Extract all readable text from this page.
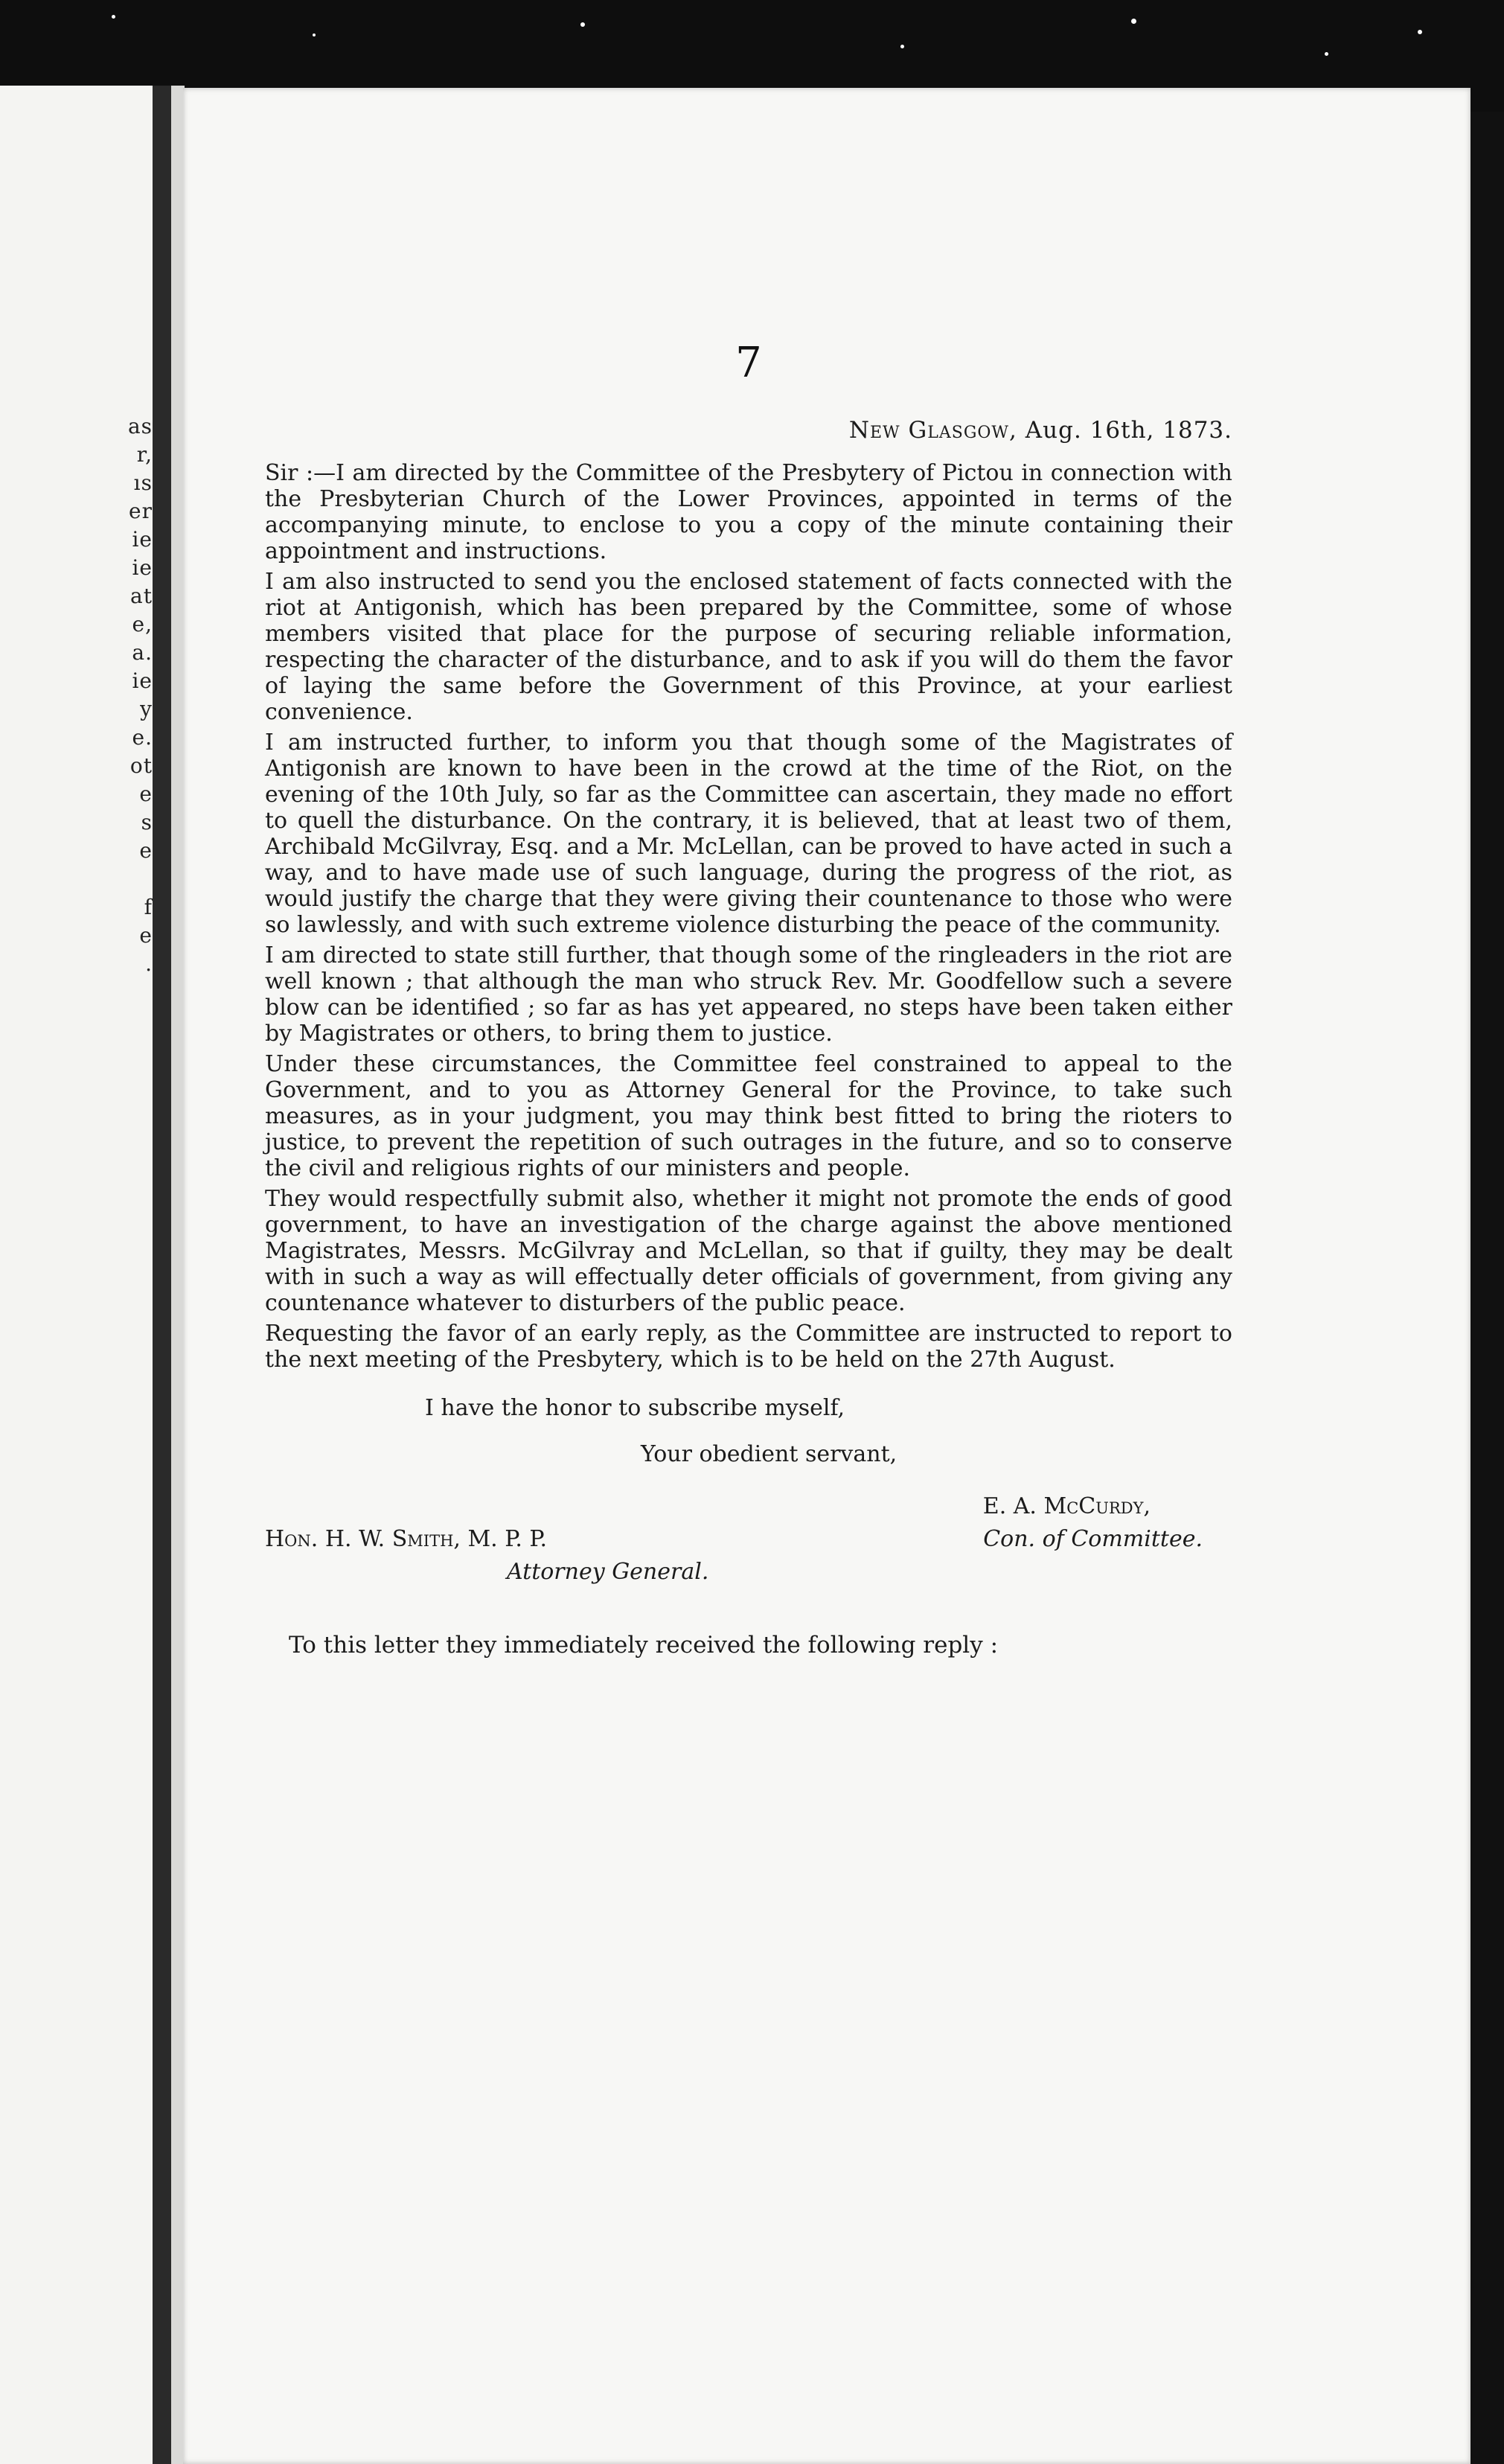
as
r,
ıs
er
ie
ie
at
e,
a.
ie
y
e.
ot
e
s
e
f
e
.
7
New Glasgow, Aug. 16th, 1873.

Sir :—I am directed by the Committee of the Presbytery of Pictou in connection with the Presbyterian Church of the Lower Provinces, appointed in terms of the accompanying minute, to enclose to you a copy of the minute containing their appointment and instructions.

I am also instructed to send you the enclosed statement of facts connected with the riot at Antigonish, which has been prepared by the Committee, some of whose members visited that place for the purpose of securing reliable information, respecting the character of the disturbance, and to ask if you will do them the favor of laying the same before the Government of this Province, at your earliest convenience.

I am instructed further, to inform you that though some of the Magistrates of Antigonish are known to have been in the crowd at the time of the Riot, on the evening of the 10th July, so far as the Committee can ascertain, they made no effort to quell the disturbance. On the contrary, it is believed, that at least two of them, Archibald McGilvray, Esq. and a Mr. McLellan, can be proved to have acted in such a way, and to have made use of such language, during the progress of the riot, as would justify the charge that they were giving their countenance to those who were so lawlessly, and with such extreme violence disturbing the peace of the community.

I am directed to state still further, that though some of the ringleaders in the riot are well known ; that although the man who struck Rev. Mr. Goodfellow such a severe blow can be identified ; so far as has yet appeared, no steps have been taken either by Magistrates or others, to bring them to justice.

Under these circumstances, the Committee feel constrained to appeal to the Government, and to you as Attorney General for the Province, to take such measures, as in your judgment, you may think best fitted to bring the rioters to justice, to prevent the repetition of such outrages in the future, and so to conserve the civil and religious rights of our ministers and people.

They would respectfully submit also, whether it might not promote the ends of good government, to have an investigation of the charge against the above mentioned Magistrates, Messrs. McGilvray and McLellan, so that if guilty, they may be dealt with in such a way as will effectually deter officials of government, from giving any countenance whatever to disturbers of the public peace.

Requesting the favor of an early reply, as the Committee are instructed to report to the next meeting of the Presbytery, which is to be held on the 27th August.

I have the honor to subscribe myself,
Your obedient servant,
E. A. McCurdy,
Hon. H. W. Smith, M. P. P.	Con. of Committee.
Attorney General.
To this letter they immediately received the following reply :
